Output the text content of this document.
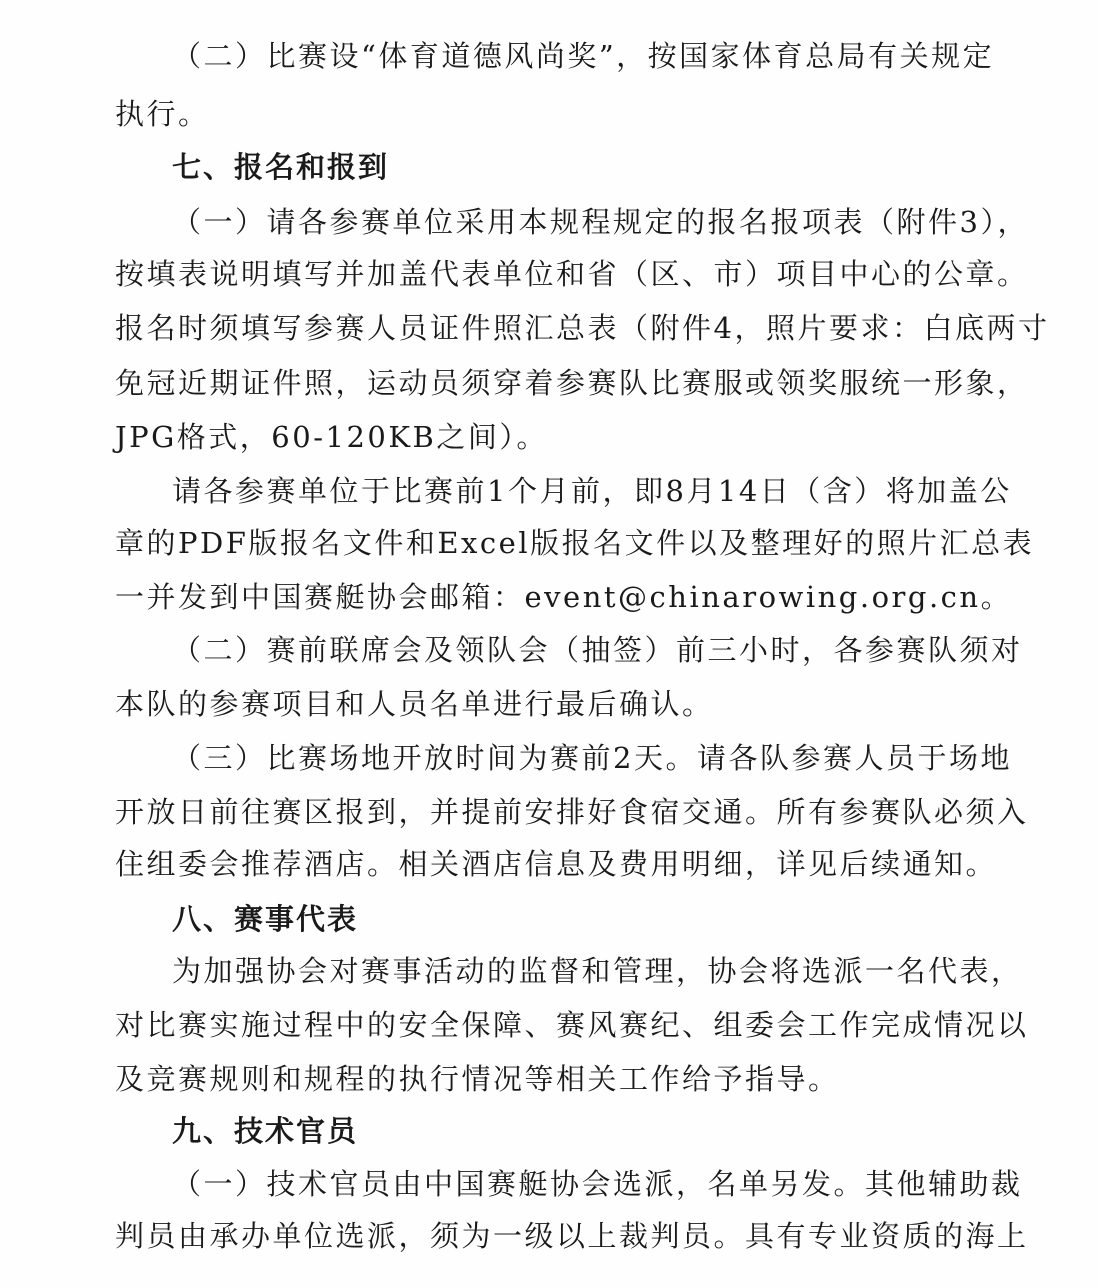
（二）比赛设“体育道德风尚奖”，按国家体育总局有关规定
执行。
七、报名和报到
（一）请各参赛单位采用本规程规定的报名报项表（附件3），
按填表说明填写并加盖代表单位和省（区、市）项目中心的公章。
报名时须填写参赛人员证件照汇总表（附件4，照片要求：白底两寸
免冠近期证件照，运动员须穿着参赛队比赛服或领奖服统一形象，
JPG格式，60-120KB之间）。
请各参赛单位于比赛前1个月前，即8月14日（含）将加盖公
章的PDF版报名文件和Excel版报名文件以及整理好的照片汇总表
一并发到中国赛艇协会邮箱：event@chinarowing.org.cn。
（二）赛前联席会及领队会（抽签）前三小时，各参赛队须对
本队的参赛项目和人员名单进行最后确认。
（三）比赛场地开放时间为赛前2天。请各队参赛人员于场地
开放日前往赛区报到，并提前安排好食宿交通。所有参赛队必须入
住组委会推荐酒店。相关酒店信息及费用明细，详见后续通知。
八、赛事代表
为加强协会对赛事活动的监督和管理，协会将选派一名代表，
对比赛实施过程中的安全保障、赛风赛纪、组委会工作完成情况以
及竞赛规则和规程的执行情况等相关工作给予指导。
九、技术官员
（一）技术官员由中国赛艇协会选派，名单另发。其他辅助裁
判员由承办单位选派，须为一级以上裁判员。具有专业资质的海上
